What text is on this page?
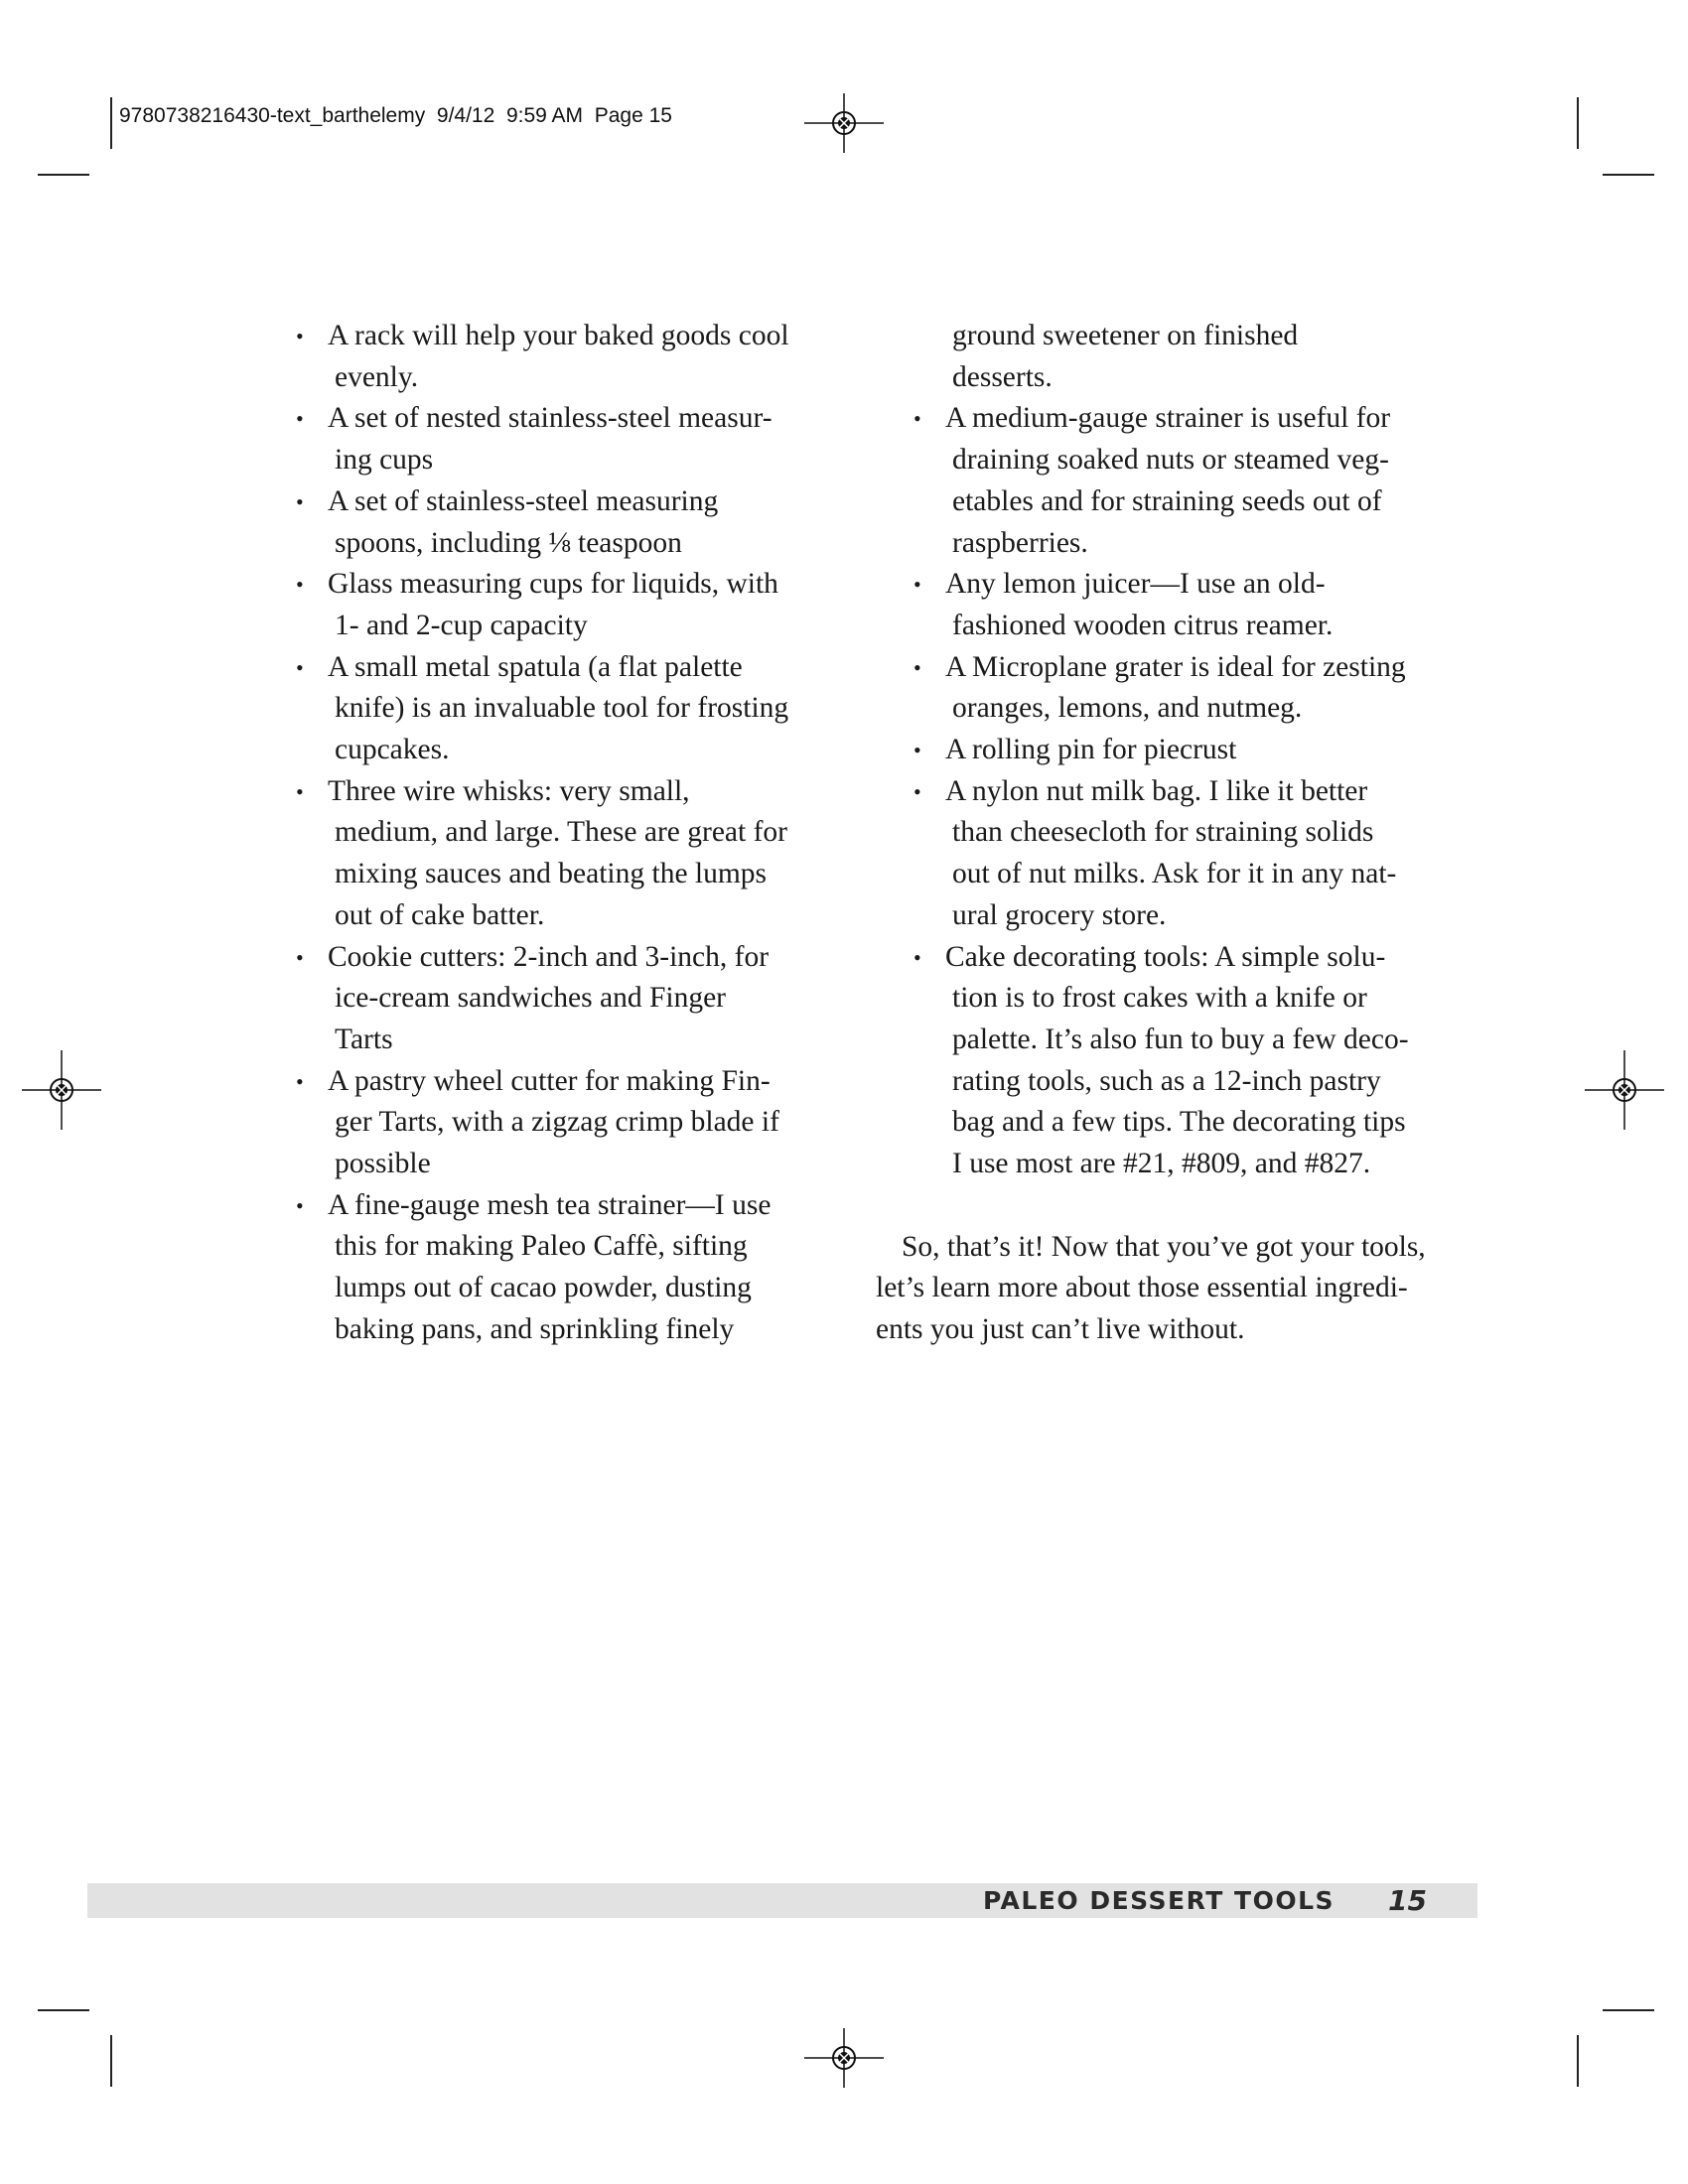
9780738216430-text_barthelemy 9/4/12 9:59 AM Page 15
• A rack will help your baked goods cool
evenly.
• A set of nested stainless-steel measur-
ing cups
• A set of stainless-steel measuring
spoons, including ⅛ teaspoon
• Glass measuring cups for liquids, with
1- and 2-cup capacity
• A small metal spatula (a flat palette
knife) is an invaluable tool for frosting
cupcakes.
• Three wire whisks: very small,
medium, and large. These are great for
mixing sauces and beating the lumps
out of cake batter.
• Cookie cutters: 2-inch and 3-inch, for
ice-cream sandwiches and Finger
Tarts
• A pastry wheel cutter for making Fin-
ger Tarts, with a zigzag crimp blade if
possible
• A fine-gauge mesh tea strainer—I use
this for making Paleo Caffè, sifting
lumps out of cacao powder, dusting
baking pans, and sprinkling finely
ground sweetener on finished
desserts.
• A medium-gauge strainer is useful for
draining soaked nuts or steamed veg-
etables and for straining seeds out of
raspberries.
• Any lemon juicer—I use an old-
fashioned wooden citrus reamer.
• A Microplane grater is ideal for zesting
oranges, lemons, and nutmeg.
• A rolling pin for piecrust
• A nylon nut milk bag. I like it better
than cheesecloth for straining solids
out of nut milks. Ask for it in any nat-
ural grocery store.
• Cake decorating tools: A simple solu-
tion is to frost cakes with a knife or
palette. It’s also fun to buy a few deco-
rating tools, such as a 12-inch pastry
bag and a few tips. The decorating tips
I use most are #21, #809, and #827.

So, that’s it! Now that you’ve got your tools,
let’s learn more about those essential ingredi-
ents you just can’t live without.

PALEO DESSERT TOOLS 15
